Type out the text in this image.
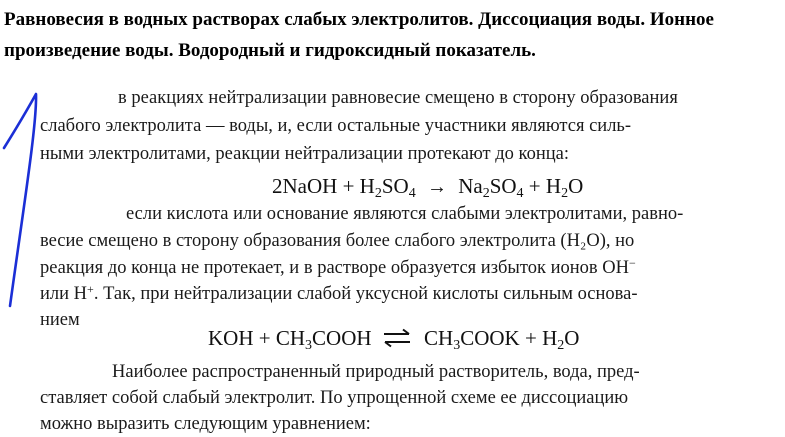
Равновесия в водных растворах слабых электролитов. Диссоциация воды. Ионное
произведение воды. Водородный и гидроксидный показатель.
в реакциях нейтрализации равновесие смещено в сторону образования
слабого электролита — воды, и, если остальные участники являются силь-
ными электролитами, реакции нейтрализации протекают до конца:
2NaOH + $H_2SO_4 \to Na_2SO_4 + H_2O$
если кислота или основание являются слабыми электролитами, равно-
весие смещено в сторону образования более слабого электролита (H₂O), но
реакция до конца не протекает, и в растворе образуется избыток ионов OH−
или H+. Так, при нейтрализации слабой уксусной кислоты сильным основа-
нием
KOH + $CH_3COOH$ ⇌ $CH_3COOK + H_2O$
Наиболее распространенный природный растворитель, вода, пред-
ставляет собой слабый электролит. По упрощенной схеме ее диссоциацию
можно выразить следующим уравнением:
